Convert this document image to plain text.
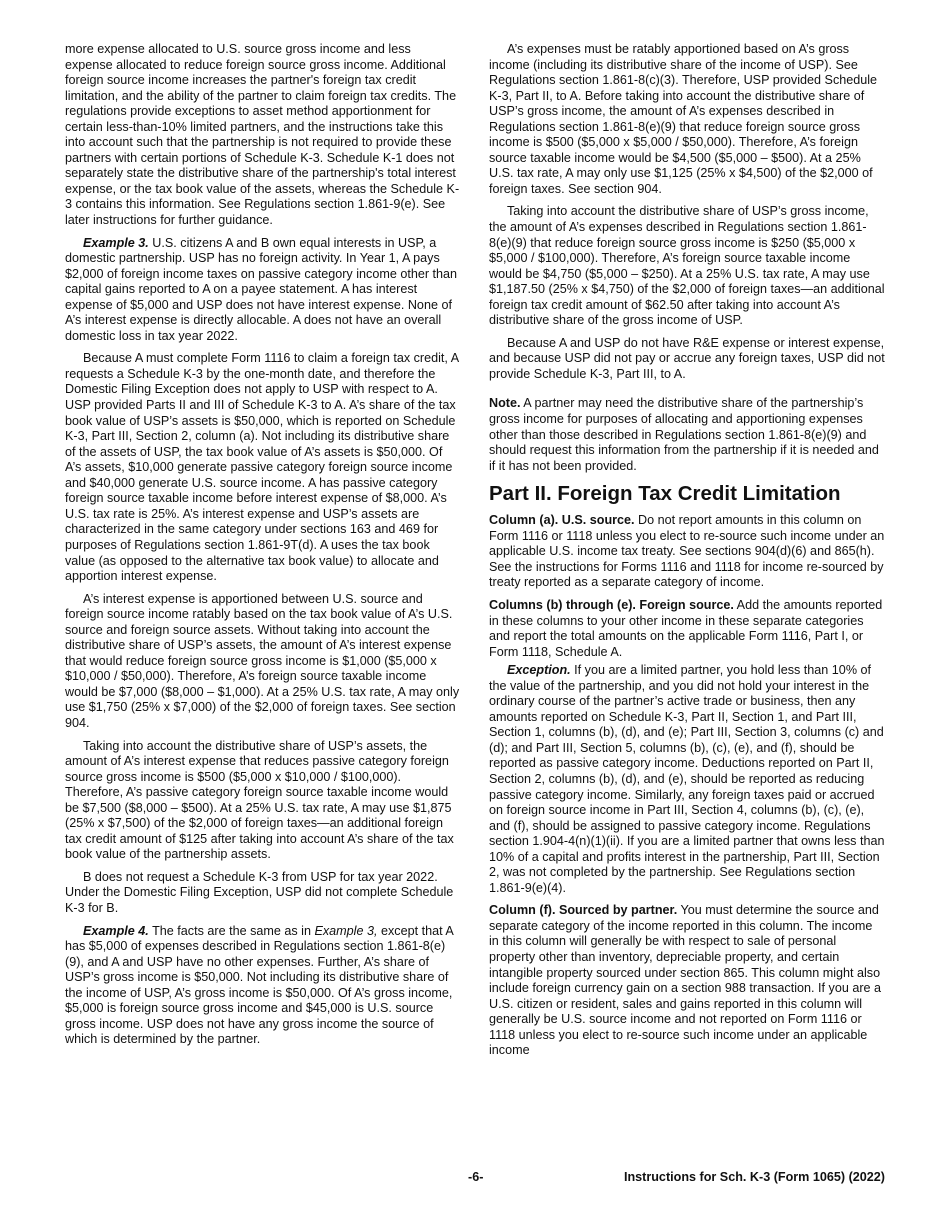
more expense allocated to U.S. source gross income and less expense allocated to reduce foreign source gross income. Additional foreign source income increases the partner's foreign tax credit limitation, and the ability of the partner to claim foreign tax credits. The regulations provide exceptions to asset method apportionment for certain less-than-10% limited partners, and the instructions take this into account such that the partnership is not required to provide these partners with certain portions of Schedule K-3. Schedule K-1 does not separately state the distributive share of the partnership's total interest expense, or the tax book value of the assets, whereas the Schedule K-3 contains this information. See Regulations section 1.861-9(e). See later instructions for further guidance.

Example 3. U.S. citizens A and B own equal interests in USP, a domestic partnership. USP has no foreign activity. In Year 1, A pays $2,000 of foreign income taxes on passive category income other than capital gains reported to A on a payee statement. A has interest expense of $5,000 and USP does not have interest expense. None of A’s interest expense is directly allocable. A does not have an overall domestic loss in tax year 2022.

Because A must complete Form 1116 to claim a foreign tax credit, A requests a Schedule K-3 by the one-month date, and therefore the Domestic Filing Exception does not apply to USP with respect to A. USP provided Parts II and III of Schedule K-3 to A. A’s share of the tax book value of USP’s assets is $50,000, which is reported on Schedule K-3, Part III, Section 2, column (a). Not including its distributive share of the assets of USP, the tax book value of A’s assets is $50,000. Of A’s assets, $10,000 generate passive category foreign source income and $40,000 generate U.S. source income. A has passive category foreign source taxable income before interest expense of $8,000. A’s U.S. tax rate is 25%. A’s interest expense and USP’s assets are characterized in the same category under sections 163 and 469 for purposes of Regulations section 1.861-9T(d). A uses the tax book value (as opposed to the alternative tax book value) to allocate and apportion interest expense.

A’s interest expense is apportioned between U.S. source and foreign source income ratably based on the tax book value of A’s U.S. source and foreign source assets. Without taking into account the distributive share of USP’s assets, the amount of A’s interest expense that would reduce foreign source gross income is $1,000 ($5,000 x $10,000 / $50,000). Therefore, A’s foreign source taxable income would be $7,000 ($8,000 – $1,000). At a 25% U.S. tax rate, A may only use $1,750 (25% x $7,000) of the $2,000 of foreign taxes. See section 904.

Taking into account the distributive share of USP’s assets, the amount of A’s interest expense that reduces passive category foreign source gross income is $500 ($5,000 x $10,000 / $100,000). Therefore, A’s passive category foreign source taxable income would be $7,500 ($8,000 – $500). At a 25% U.S. tax rate, A may use $1,875 (25% x $7,500) of the $2,000 of foreign taxes—an additional foreign tax credit amount of $125 after taking into account A’s share of the tax book value of the partnership assets.

B does not request a Schedule K-3 from USP for tax year 2022. Under the Domestic Filing Exception, USP did not complete Schedule K-3 for B.

Example 4. The facts are the same as in Example 3, except that A has $5,000 of expenses described in Regulations section 1.861-8(e)(9), and A and USP have no other expenses. Further, A’s share of USP’s gross income is $50,000. Not including its distributive share of the income of USP, A’s gross income is $50,000. Of A’s gross income, $5,000 is foreign source gross income and $45,000 is U.S. source gross income. USP does not have any gross income the source of which is determined by the partner.

A’s expenses must be ratably apportioned based on A’s gross income (including its distributive share of the income of USP). See Regulations section 1.861-8(c)(3). Therefore, USP provided Schedule K-3, Part II, to A. Before taking into account the distributive share of USP’s gross income, the amount of A’s expenses described in Regulations section 1.861-8(e)(9) that reduce foreign source gross income is $500 ($5,000 x $5,000 / $50,000). Therefore, A’s foreign source taxable income would be $4,500 ($5,000 – $500). At a 25% U.S. tax rate, A may only use $1,125 (25% x $4,500) of the $2,000 of foreign taxes. See section 904.

Taking into account the distributive share of USP’s gross income, the amount of A’s expenses described in Regulations section 1.861-8(e)(9) that reduce foreign source gross income is $250 ($5,000 x $5,000 / $100,000). Therefore, A’s foreign source taxable income would be $4,750 ($5,000 – $250). At a 25% U.S. tax rate, A may use $1,187.50 (25% x $4,750) of the $2,000 of foreign taxes—an additional foreign tax credit amount of $62.50 after taking into account A’s distributive share of the gross income of USP.

Because A and USP do not have R&E expense or interest expense, and because USP did not pay or accrue any foreign taxes, USP did not provide Schedule K-3, Part III, to A.

Note. A partner may need the distributive share of the partnership’s gross income for purposes of allocating and apportioning expenses other than those described in Regulations section 1.861-8(e)(9) and should request this information from the partnership if it is needed and if it has not been provided.

Part II. Foreign Tax Credit Limitation

Column (a). U.S. source. Do not report amounts in this column on Form 1116 or 1118 unless you elect to re-source such income under an applicable U.S. income tax treaty. See sections 904(d)(6) and 865(h). See the instructions for Forms 1116 and 1118 for income re-sourced by treaty reported as a separate category of income.

Columns (b) through (e). Foreign source. Add the amounts reported in these columns to your other income in these separate categories and report the total amounts on the applicable Form 1116, Part I, or Form 1118, Schedule A.

Exception. If you are a limited partner, you hold less than 10% of the value of the partnership, and you did not hold your interest in the ordinary course of the partner’s active trade or business, then any amounts reported on Schedule K-3, Part II, Section 1, and Part III, Section 1, columns (b), (d), and (e); Part III, Section 3, columns (c) and (d); and Part III, Section 5, columns (b), (c), (e), and (f), should be reported as passive category income. Deductions reported on Part II, Section 2, columns (b), (d), and (e), should be reported as reducing passive category income. Similarly, any foreign taxes paid or accrued on foreign source income in Part III, Section 4, columns (b), (c), (e), and (f), should be assigned to passive category income. Regulations section 1.904-4(n)(1)(ii). If you are a limited partner that owns less than 10% of a capital and profits interest in the partnership, Part III, Section 2, was not completed by the partnership. See Regulations section 1.861-9(e)(4).

Column (f). Sourced by partner. You must determine the source and separate category of the income reported in this column. The income in this column will generally be with respect to sale of personal property other than inventory, depreciable property, and certain intangible property sourced under section 865. This column might also include foreign currency gain on a section 988 transaction. If you are a U.S. citizen or resident, sales and gains reported in this column will generally be U.S. source income and not reported on Form 1116 or 1118 unless you elect to re-source such income under an applicable income

-6-	Instructions for Sch. K-3 (Form 1065) (2022)
